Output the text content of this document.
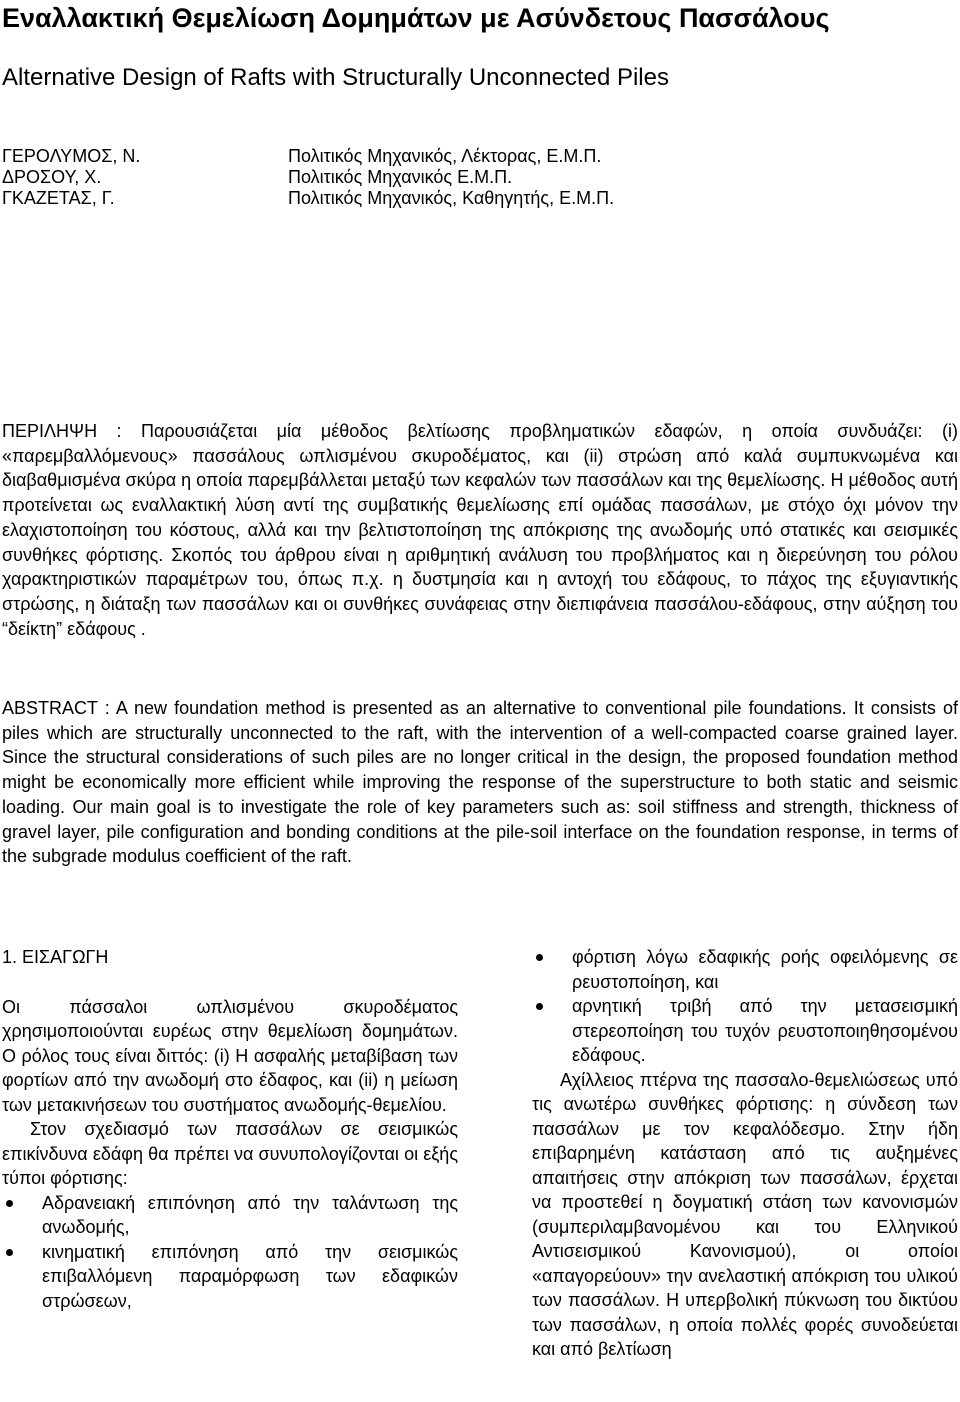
Εναλλακτική Θεμελίωση Δομημάτων με Ασύνδετους Πασσάλους
Alternative Design of Rafts with Structurally Unconnected Piles
ΓΕΡΟΛΥΜΟΣ, Ν.	Πολιτικός Μηχανικός, Λέκτορας, Ε.Μ.Π.
ΔΡΟΣΟΥ, Χ.	Πολιτικός Μηχανικός Ε.Μ.Π.
ΓΚΑΖΕΤΑΣ, Γ.	Πολιτικός Μηχανικός, Καθηγητής, Ε.Μ.Π.

ΠΕΡΙΛΗΨΗ : Παρουσιάζεται μία μέθοδος βελτίωσης προβληματικών εδαφών, η οποία συνδυάζει: (i) «παρεμβαλλόμενους» πασσάλους ωπλισμένου σκυροδέματος, και (ii) στρώση από καλά συμπυκνωμένα και διαβαθμισμένα σκύρα η οποία παρεμβάλλεται μεταξύ των κεφαλών των πασσάλων και της θεμελίωσης. Η μέθοδος αυτή προτείνεται ως εναλλακτική λύση αντί της συμβατικής θεμελίωσης επί ομάδας πασσάλων, με στόχο όχι μόνον την ελαχιστοποίηση του κόστους, αλλά και την βελτιστοποίηση της απόκρισης της ανωδομής υπό στατικές και σεισμικές συνθήκες φόρτισης. Σκοπός του άρθρου είναι η αριθμητική ανάλυση του προβλήματος και η διερεύνηση του ρόλου χαρακτηριστικών παραμέτρων του, όπως π.χ. η δυστμησία και η αντοχή του εδάφους, το πάχος της εξυγιαντικής στρώσης, η διάταξη των πασσάλων και οι συνθήκες συνάφειας στην διεπιφάνεια πασσάλου-εδάφους, στην αύξηση του “δείκτη” εδάφους .

ABSTRACT : A new foundation method is presented as an alternative to conventional pile foundations. It consists of piles which are structurally unconnected to the raft, with the intervention of a well-compacted coarse grained layer. Since the structural considerations of such piles are no longer critical in the design, the proposed foundation method might be economically more efficient while improving the response of the superstructure to both static and seismic loading. Our main goal is to investigate the role of key parameters such as: soil stiffness and strength, thickness of gravel layer, pile configuration and bonding conditions at the pile-soil interface on the foundation response, in terms of the subgrade modulus coefficient of the raft.

1. ΕΙΣΑΓΩΓΗ

Οι πάσσαλοι ωπλισμένου σκυροδέματος χρησιμοποιούνται ευρέως στην θεμελίωση δομημάτων. Ο ρόλος τους είναι διττός: (i) Η ασφαλής μεταβίβαση των φορτίων από την ανωδομή στο έδαφος, και (ii) η μείωση των μετακινήσεων του συστήματος ανωδομής-θεμελίου.

Στον σχεδιασμό των πασσάλων σε σεισμικώς επικίνδυνα εδάφη θα πρέπει να συνυπολογίζονται οι εξής τύποι φόρτισης:

Αδρανειακή επιπόνηση από την ταλάντωση της ανωδομής,
κινηματική επιπόνηση από την σεισμικώς επιβαλλόμενη παραμόρφωση των εδαφικών στρώσεων,
φόρτιση λόγω εδαφικής ροής οφειλόμενης σε ρευστοποίηση, και
αρνητική τριβή από την μετασεισμική στερεοποίηση του τυχόν ρευστοποιηθησομένου εδάφους.

Αχίλλειος πτέρνα της πασσαλο-θεμελιώσεως υπό τις ανωτέρω συνθήκες φόρτισης: η σύνδεση των πασσάλων με τον κεφαλόδεσμο. Στην ήδη επιβαρημένη κατάσταση από τις αυξημένες απαιτήσεις στην απόκριση των πασσάλων, έρχεται να προστεθεί η δογματική στάση των κανονισμών (συμπεριλαμβανομένου και του Ελληνικού Αντισεισμικού Κανονισμού), οι οποίοι «απαγορεύουν» την ανελαστική απόκριση του υλικού των πασσάλων. Η υπερβολική πύκνωση του δικτύου των πασσάλων, η οποία πολλές φορές συνοδεύεται και από βελτίωση
